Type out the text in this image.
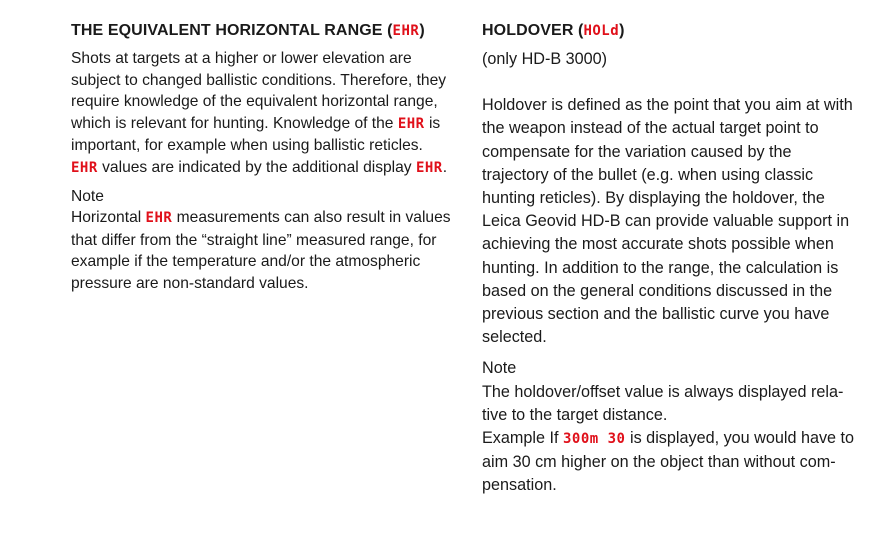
THE EQUIVALENT HORIZONTAL RANGE (EHR)

Shots at targets at a higher or lower elevation are subject to changed ballistic conditions. Therefore, they require knowledge of the equivalent horizontal range, which is relevant for hunting. Knowledge of the EHR is important, for example when using ballistic reticles. EHR values are indicated by the additional display EHR.

Note

Horizontal EHR measurements can also result in values that differ from the “straight line” measured range, for example if the temperature and/or the atmospheric pressure are non-standard values.

HOLDOVER (HOLd)

(only HD-B 3000)

Holdover is defined as the point that you aim at with the weapon instead of the actual target point to compensate for the variation caused by the trajectory of the bullet (e.g. when using classic hunting reticles). By displaying the holdover, the Leica Geovid HD-B can provide valuable support in achieving the most accurate shots possible when hunting. In addition to the range, the calculation is based on the general conditions discussed in the previous section and the ballistic curve you have selected.

Note

The holdover/offset value is always displayed rela-tive to the target distance.

Example If 300m 30 is displayed, you would have to aim 30 cm higher on the object than without com-pensation.
